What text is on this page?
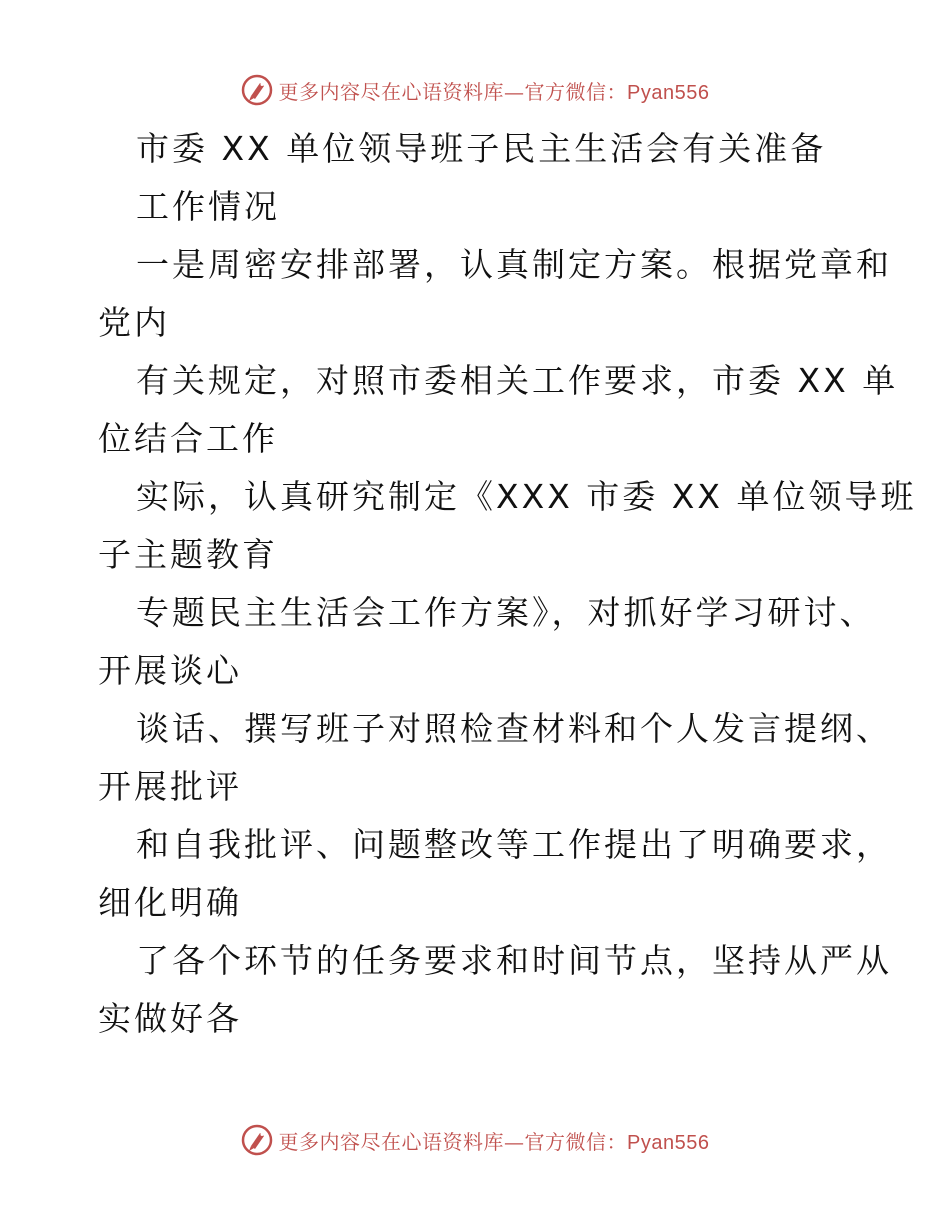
更多内容尽在心语资料库—官方微信：Pyan556
市委 XX 单位领导班子民主生活会有关准备
工作情况
一是周密安排部署，认真制定方案。根据党章和
党内
有关规定，对照市委相关工作要求，市委 XX 单
位结合工作
实际，认真研究制定《XXX 市委 XX 单位领导班
子主题教育
专题民主生活会工作方案》，对抓好学习研讨、
开展谈心
谈话、撰写班子对照检查材料和个人发言提纲、
开展批评
和自我批评、问题整改等工作提出了明确要求，
细化明确
了各个环节的任务要求和时间节点，坚持从严从
实做好各
更多内容尽在心语资料库—官方微信：Pyan556
